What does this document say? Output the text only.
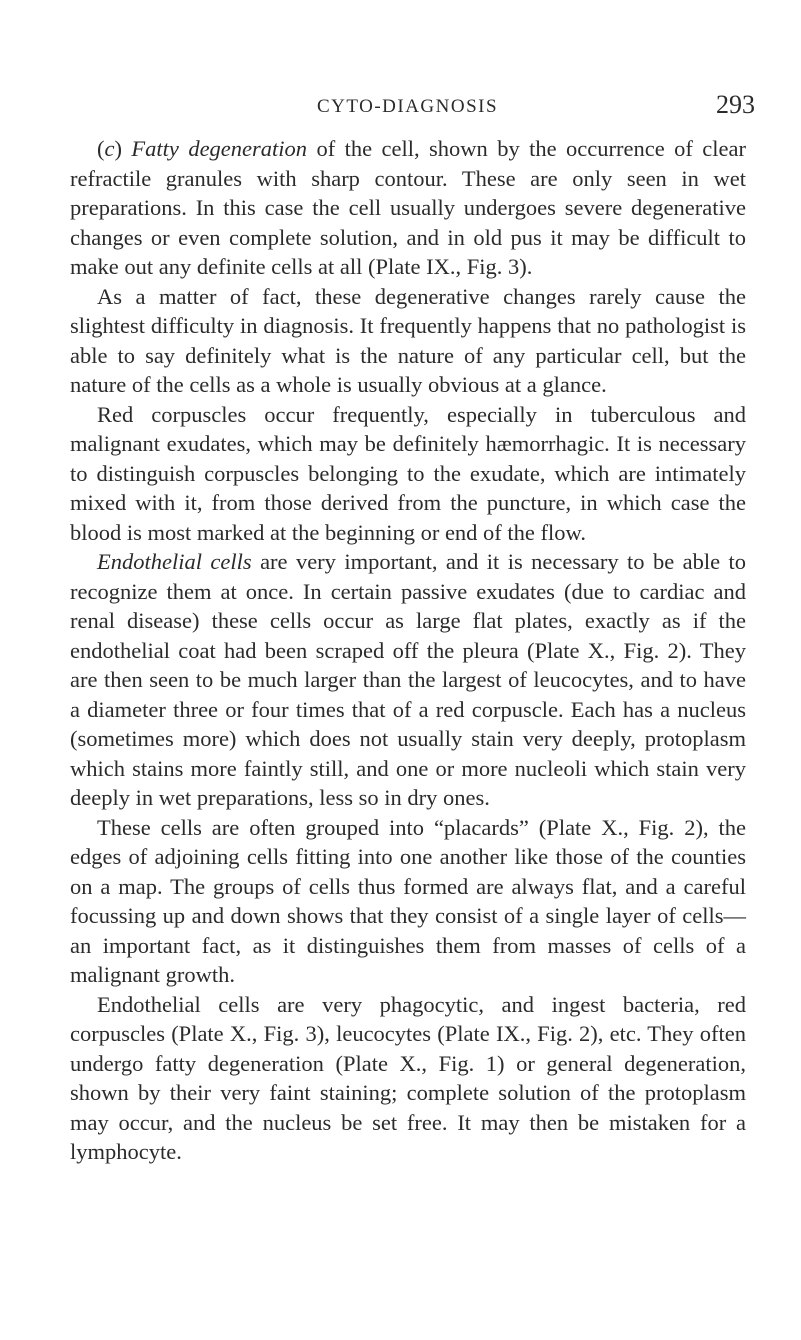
CYTO-DIAGNOSIS	293

(c) Fatty degeneration of the cell, shown by the occurrence of clear refractile granules with sharp contour. These are only seen in wet preparations. In this case the cell usually undergoes severe degenerative changes or even complete solution, and in old pus it may be difficult to make out any definite cells at all (Plate IX., Fig. 3).

As a matter of fact, these degenerative changes rarely cause the slightest difficulty in diagnosis. It frequently happens that no pathologist is able to say definitely what is the nature of any particular cell, but the nature of the cells as a whole is usually obvious at a glance.

Red corpuscles occur frequently, especially in tuberculous and malignant exudates, which may be definitely hæmorrhagic. It is necessary to distinguish corpuscles belonging to the exudate, which are intimately mixed with it, from those derived from the puncture, in which case the blood is most marked at the beginning or end of the flow.

Endothelial cells are very important, and it is necessary to be able to recognize them at once. In certain passive exudates (due to cardiac and renal disease) these cells occur as large flat plates, exactly as if the endothelial coat had been scraped off the pleura (Plate X., Fig. 2). They are then seen to be much larger than the largest of leucocytes, and to have a diameter three or four times that of a red corpuscle. Each has a nucleus (sometimes more) which does not usually stain very deeply, protoplasm which stains more faintly still, and one or more nucleoli which stain very deeply in wet preparations, less so in dry ones.

These cells are often grouped into “placards” (Plate X., Fig. 2), the edges of adjoining cells fitting into one another like those of the counties on a map. The groups of cells thus formed are always flat, and a careful focussing up and down shows that they consist of a single layer of cells—an important fact, as it distinguishes them from masses of cells of a malignant growth.

Endothelial cells are very phagocytic, and ingest bacteria, red corpuscles (Plate X., Fig. 3), leucocytes (Plate IX., Fig. 2), etc. They often undergo fatty degeneration (Plate X., Fig. 1) or general degeneration, shown by their very faint staining; complete solution of the protoplasm may occur, and the nucleus be set free. It may then be mistaken for a lymphocyte.
